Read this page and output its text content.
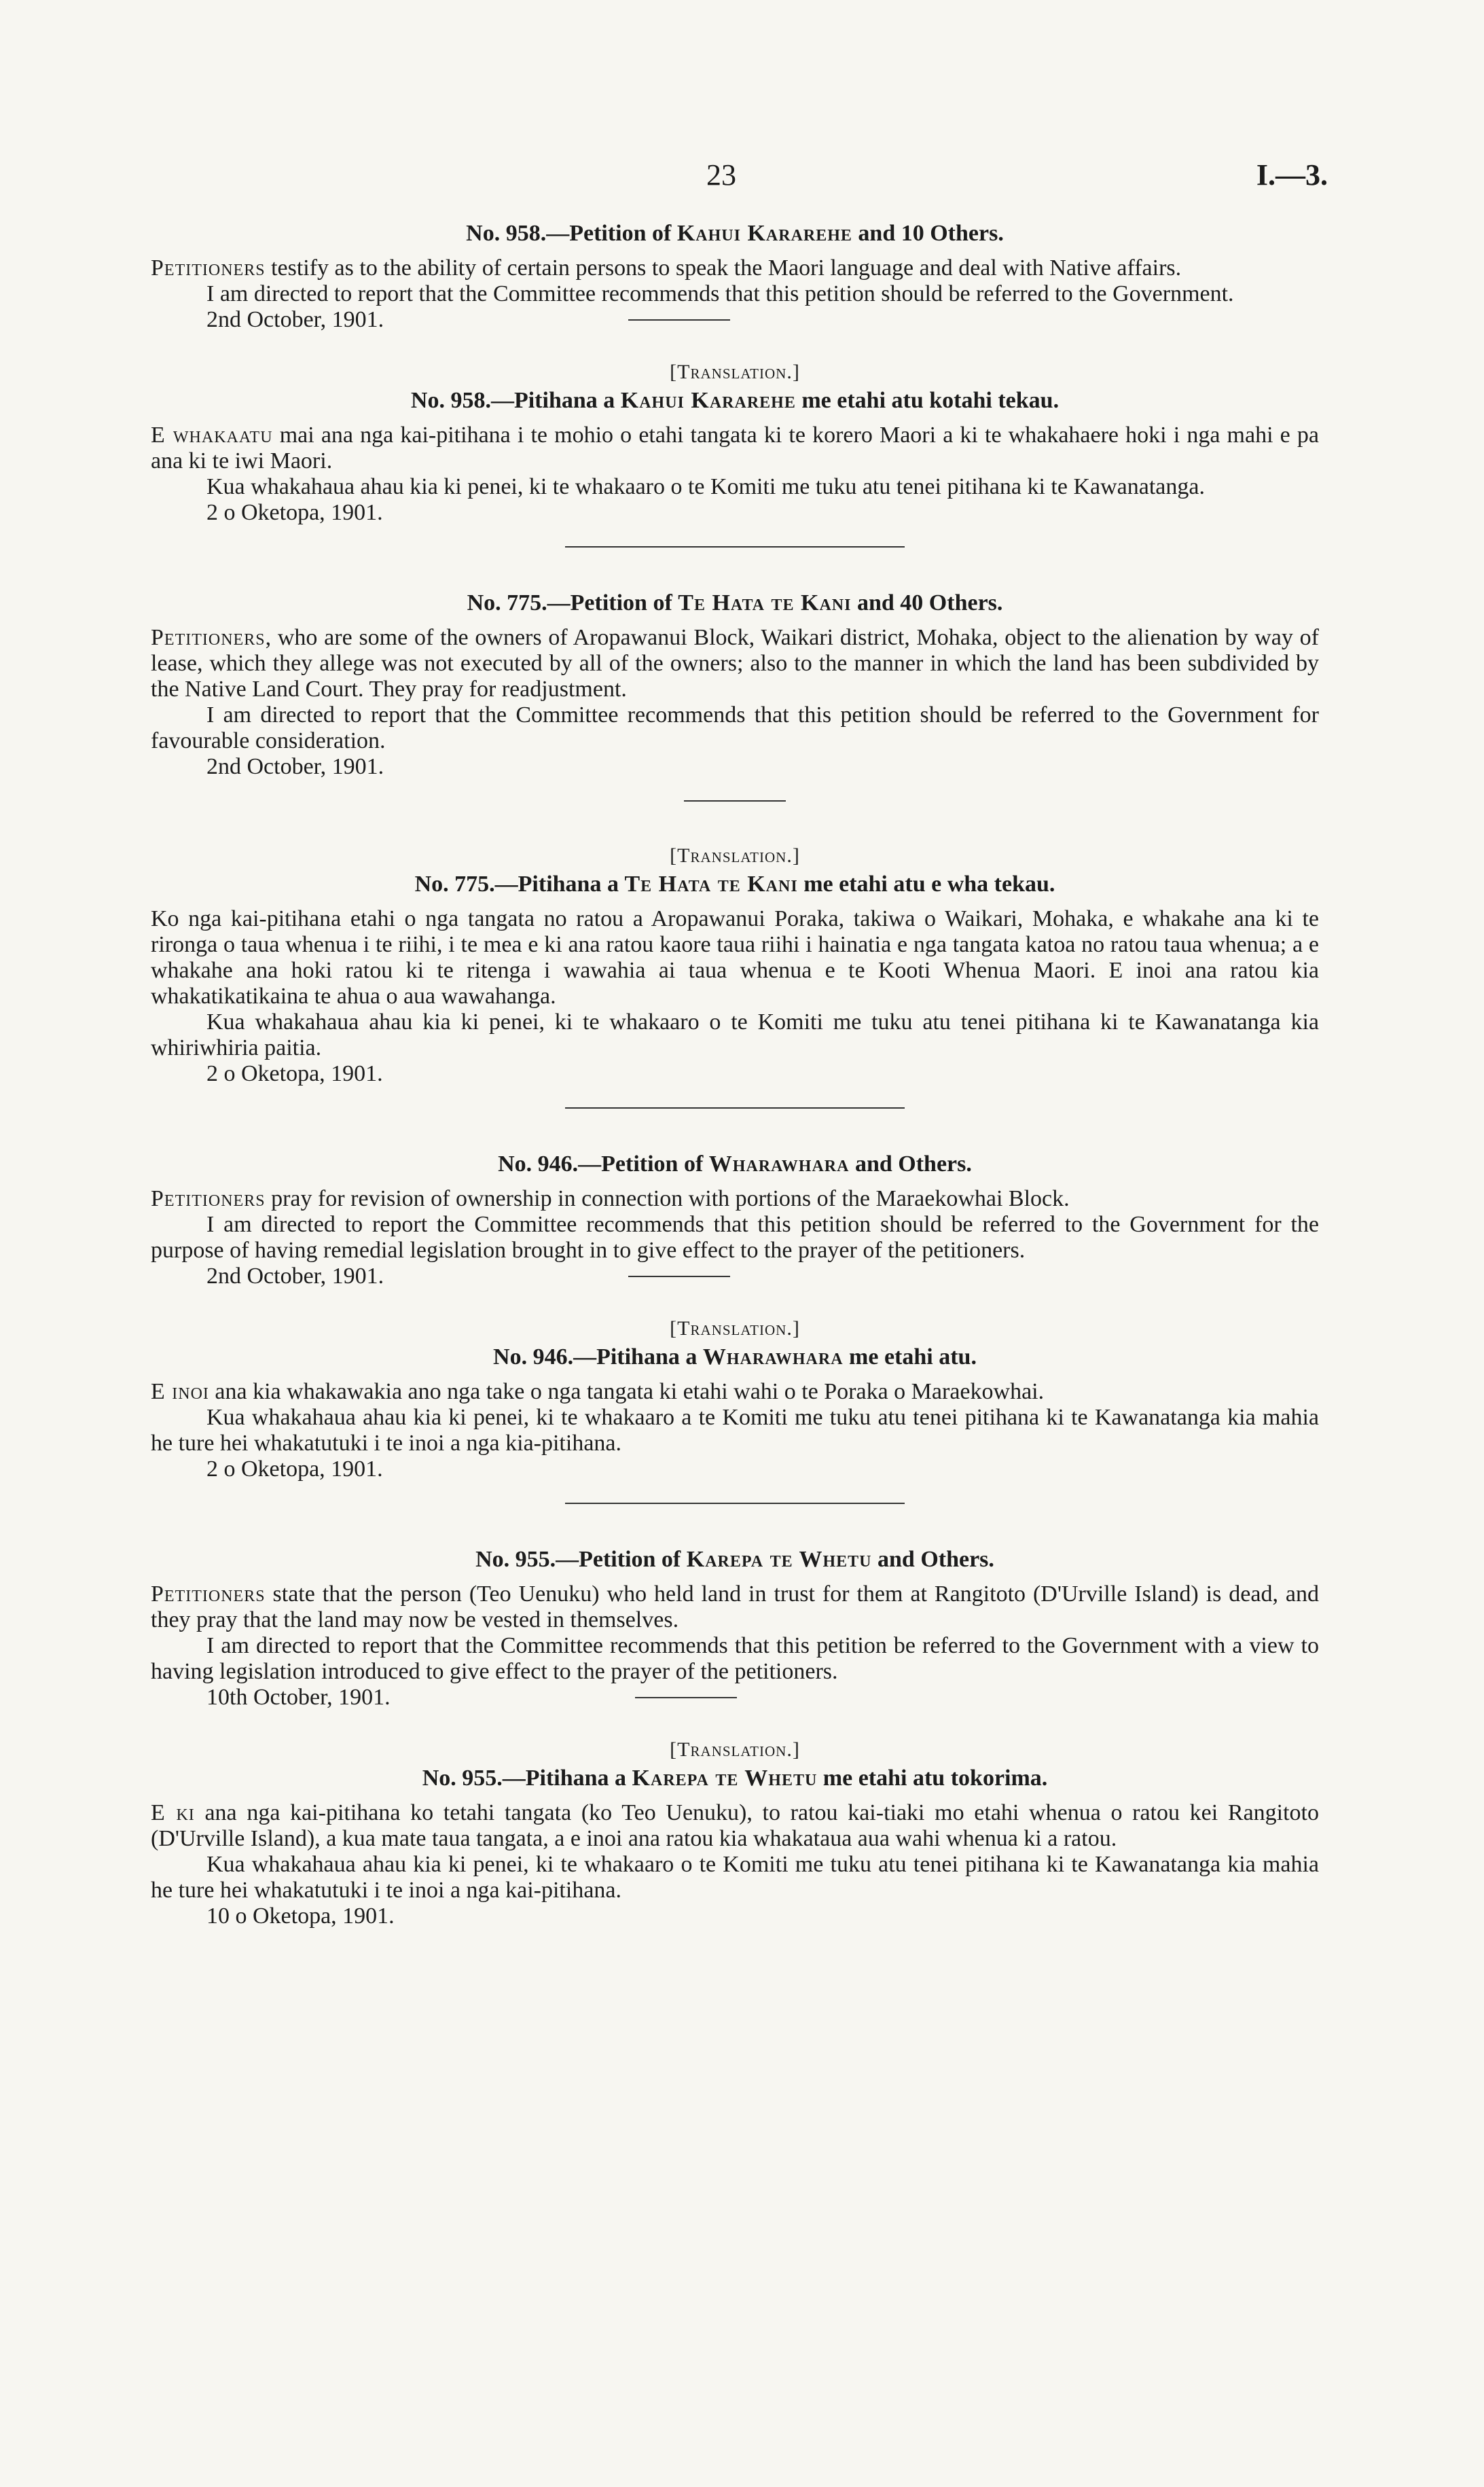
23	I.—3.
No. 958.—Petition of Kahui Kararehe and 10 Others.

Petitioners testify as to the ability of certain persons to speak the Maori language and deal with Native affairs.

I am directed to report that the Committee recommends that this petition should be referred to the Government.

2nd October, 1901.
[Translation.]
No. 958.—Pitihana a Kahui Kararehe me etahi atu kotahi tekau.

E whakaatu mai ana nga kai-pitihana i te mohio o etahi tangata ki te korero Maori a ki te whakahaere hoki i nga mahi e pa ana ki te iwi Maori.

Kua whakahaua ahau kia ki penei, ki te whakaaro o te Komiti me tuku atu tenei pitihana ki te Kawanatanga.

2 o Oketopa, 1901.
No. 775.—Petition of Te Hata te Kani and 40 Others.

Petitioners, who are some of the owners of Aropawanui Block, Waikari district, Mohaka, object to the alienation by way of lease, which they allege was not executed by all of the owners; also to the manner in which the land has been subdivided by the Native Land Court. They pray for readjustment.

I am directed to report that the Committee recommends that this petition should be referred to the Government for favourable consideration.

2nd October, 1901.
[Translation.]
No. 775.—Pitihana a Te Hata te Kani me etahi atu e wha tekau.

Ko nga kai-pitihana etahi o nga tangata no ratou a Aropawanui Poraka, takiwa o Waikari, Mohaka, e whakahe ana ki te rironga o taua whenua i te riihi, i te mea e ki ana ratou kaore taua riihi i hainatia e nga tangata katoa no ratou taua whenua; a e whakahe ana hoki ratou ki te ritenga i wawahia ai taua whenua e te Kooti Whenua Maori. E inoi ana ratou kia whakatikatikaina te ahua o aua wawahanga.

Kua whakahaua ahau kia ki penei, ki te whakaaro o te Komiti me tuku atu tenei pitihana ki te Kawanatanga kia whiriwhiria paitia.

2 o Oketopa, 1901.
No. 946.—Petition of Wharawhara and Others.

Petitioners pray for revision of ownership in connection with portions of the Maraekowhai Block.

I am directed to report the Committee recommends that this petition should be referred to the Government for the purpose of having remedial legislation brought in to give effect to the prayer of the petitioners.

2nd October, 1901.
[Translation.]
No. 946.—Pitihana a Wharawhara me etahi atu.

E inoi ana kia whakawakia ano nga take o nga tangata ki etahi wahi o te Poraka o Maraekowhai.

Kua whakahaua ahau kia ki penei, ki te whakaaro a te Komiti me tuku atu tenei pitihana ki te Kawanatanga kia mahia he ture hei whakatutuki i te inoi a nga kia-pitihana.

2 o Oketopa, 1901.
No. 955.—Petition of Karepa te Whetu and Others.

Petitioners state that the person (Teo Uenuku) who held land in trust for them at Rangitoto (D'Urville Island) is dead, and they pray that the land may now be vested in themselves.

I am directed to report that the Committee recommends that this petition be referred to the Government with a view to having legislation introduced to give effect to the prayer of the petitioners.

10th October, 1901.
[Translation.]
No. 955.—Pitihana a Karepa te Whetu me etahi atu tokorima.

E ki ana nga kai-pitihana ko tetahi tangata (ko Teo Uenuku), to ratou kai-tiaki mo etahi whenua o ratou kei Rangitoto (D'Urville Island), a kua mate taua tangata, a e inoi ana ratou kia whakataua aua wahi whenua ki a ratou.

Kua whakahaua ahau kia ki penei, ki te whakaaro o te Komiti me tuku atu tenei pitihana ki te Kawanatanga kia mahia he ture hei whakatutuki i te inoi a nga kai-pitihana.

10 o Oketopa, 1901.
